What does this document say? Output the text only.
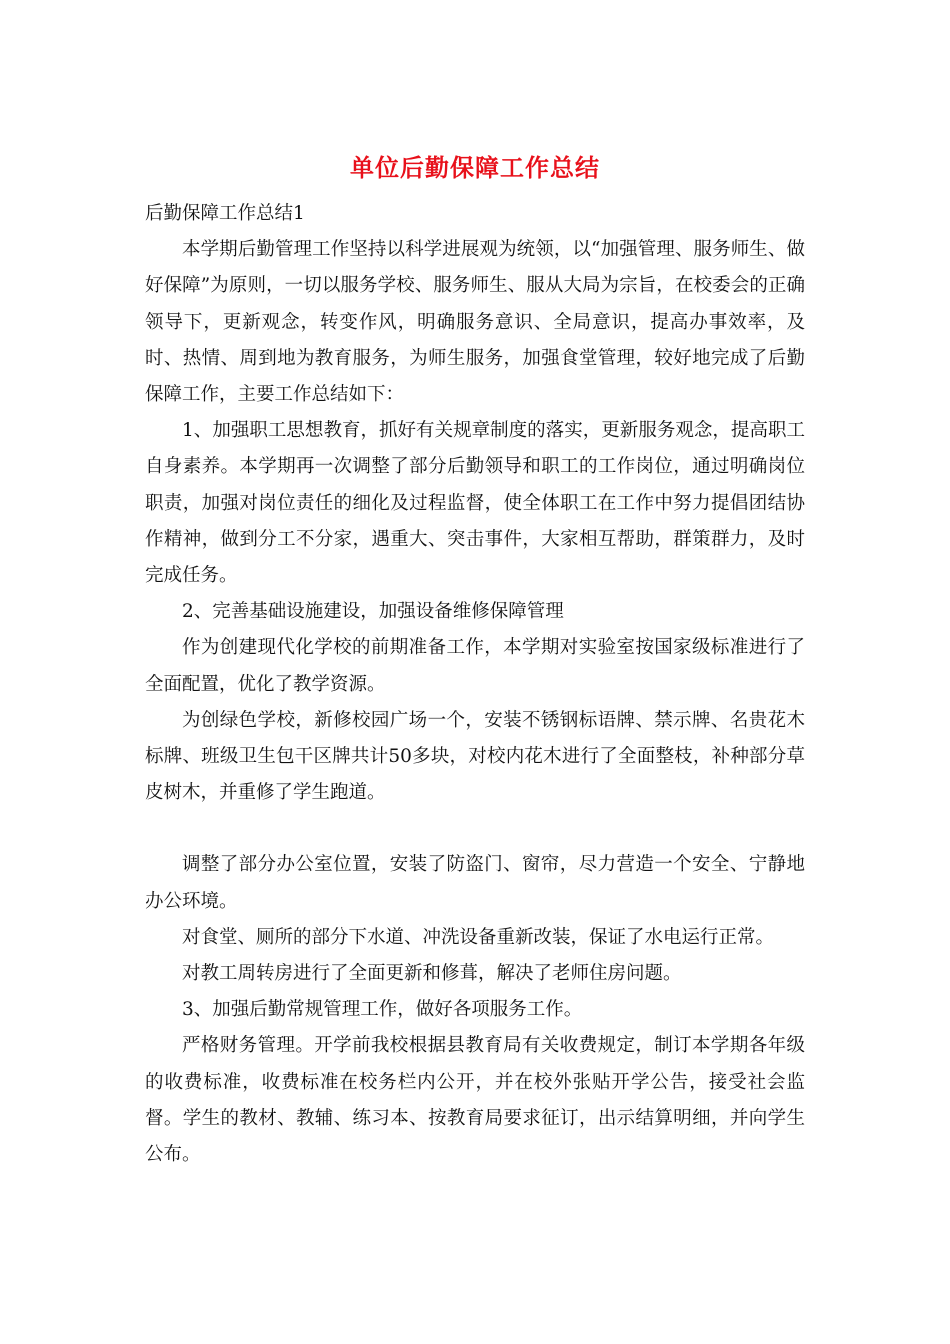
单位后勤保障工作总结

后勤保障工作总结1

本学期后勤管理工作坚持以科学进展观为统领，以“加强管理、服务师生、做好保障”为原则，一切以服务学校、服务师生、服从大局为宗旨，在校委会的正确领导下，更新观念，转变作风，明确服务意识、全局意识，提高办事效率，及时、热情、周到地为教育服务，为师生服务，加强食堂管理，较好地完成了后勤保障工作，主要工作总结如下：

1、加强职工思想教育，抓好有关规章制度的落实，更新服务观念，提高职工自身素养。本学期再一次调整了部分后勤领导和职工的工作岗位，通过明确岗位职责，加强对岗位责任的细化及过程监督，使全体职工在工作中努力提倡团结协作精神，做到分工不分家，遇重大、突击事件，大家相互帮助，群策群力，及时完成任务。

2、完善基础设施建设，加强设备维修保障管理

作为创建现代化学校的前期准备工作，本学期对实验室按国家级标准进行了全面配置，优化了教学资源。

为创绿色学校，新修校园广场一个，安装不锈钢标语牌、禁示牌、名贵花木标牌、班级卫生包干区牌共计50多块，对校内花木进行了全面整枝，补种部分草皮树木，并重修了学生跑道。

调整了部分办公室位置，安装了防盗门、窗帘，尽力营造一个安全、宁静地办公环境。

对食堂、厕所的部分下水道、冲洗设备重新改装，保证了水电运行正常。

对教工周转房进行了全面更新和修葺，解决了老师住房问题。

3、加强后勤常规管理工作，做好各项服务工作。

严格财务管理。开学前我校根据县教育局有关收费规定，制订本学期各年级的收费标准，收费标准在校务栏内公开，并在校外张贴开学公告，接受社会监督。学生的教材、教辅、练习本、按教育局要求征订，出示结算明细，并向学生公布。
